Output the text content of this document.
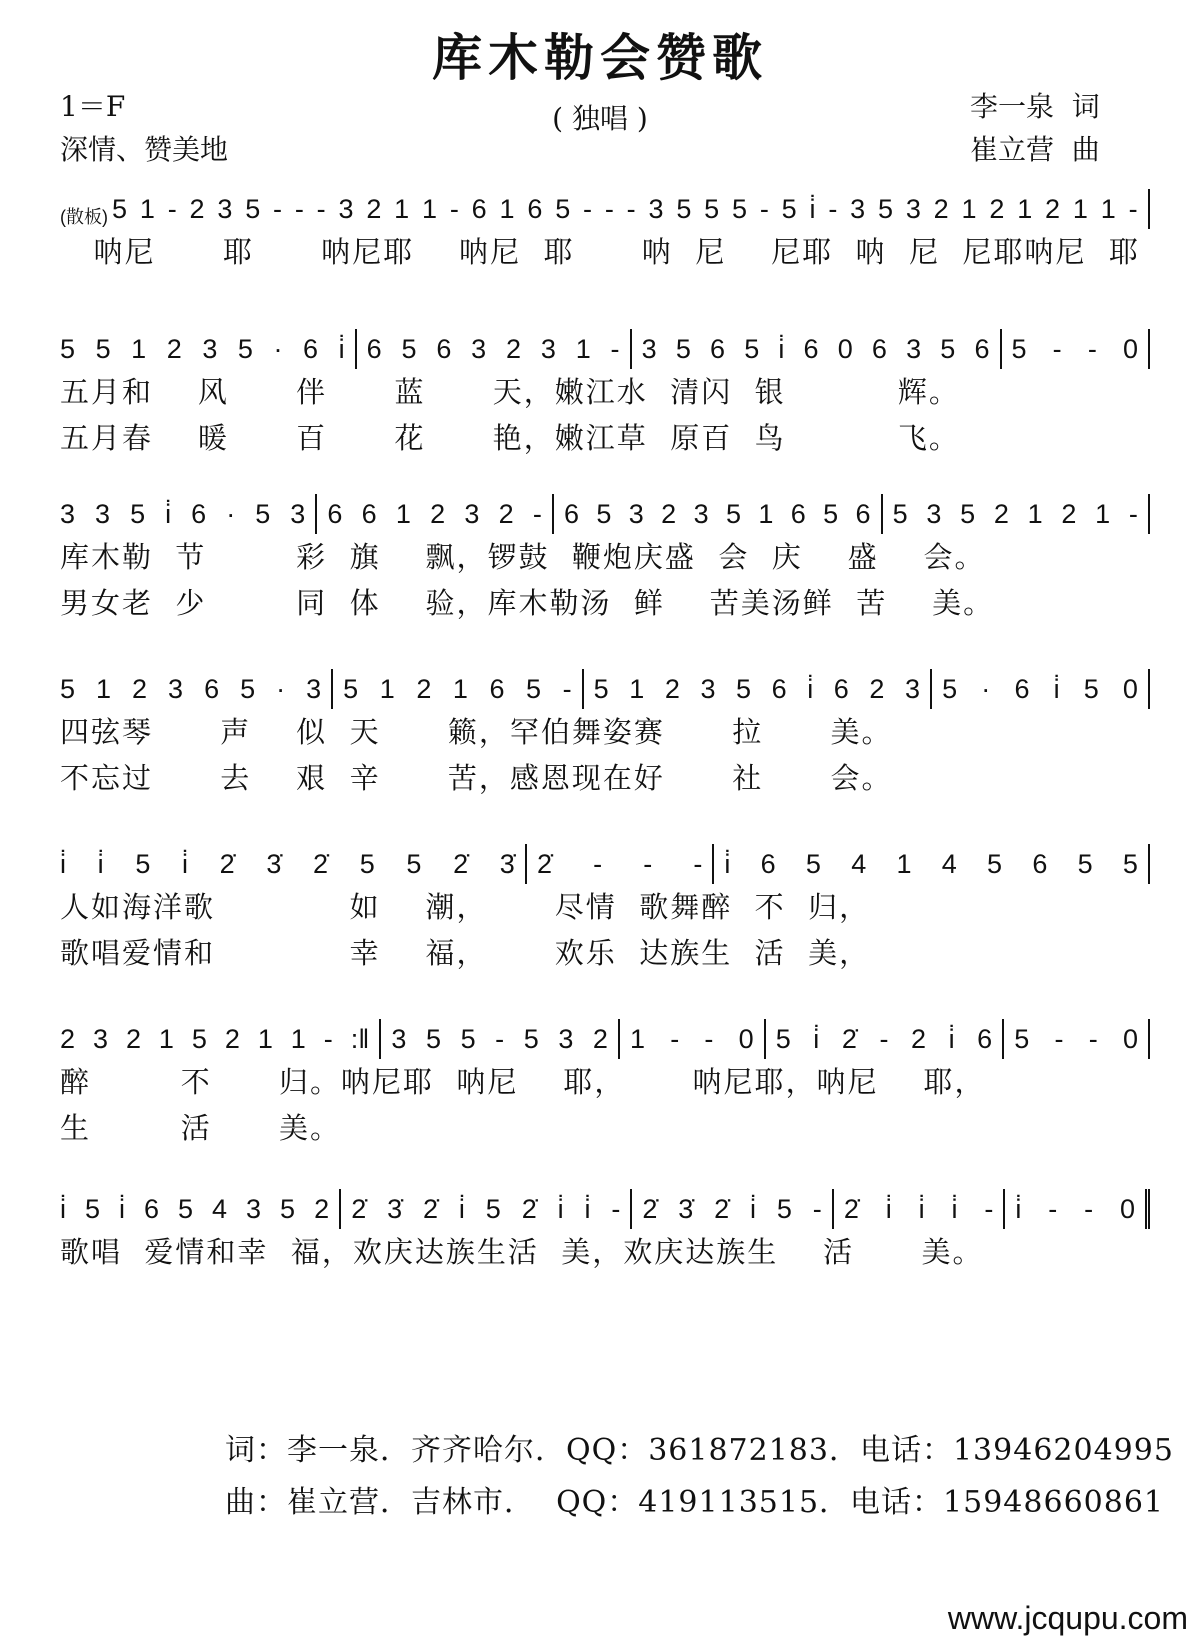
库木勒会赞歌
1＝F
深情、赞美地
( 独唱 )	李一泉  词
崔立营  曲
(散板) 5 1 - 2 3 5 - - - 3 2 1 1 - 6 1 6 5 - - - 3 5 5 5 - 5 i̇ - 3 5 3 2 1 2 1 2 1 1 -
呐尼      耶      呐尼耶    呐尼  耶      呐  尼    尼耶  呐  尼  尼耶呐尼  耶
5 5 1 2 3 5 · 6 i̇ 6 5 6 3 2 3 1 - 3 5 6 5 i̇ 6 0 6 3 5 6 5 - - 0
五月和    风      伴      蓝      天，嫩江水  清闪  银          辉。
五月春    暖      百      花      艳，嫩江草  原百  鸟          飞。
3 3 5 i̇ 6 · 5 3 6 6 1 2 3 2 - 6 5 3 2 3 5 1 6 5 6 5 3 5 2 1 2 1 -
库木勒  节        彩  旗    飘，锣鼓  鞭炮庆盛  会  庆    盛    会。
男女老  少        同  体    验，库木勒汤  鲜    苦美汤鲜  苦    美。
5 1 2 3 6 5 · 3 5 1 2 1 6 5 - 5 1 2 3 5 6 i̇ 6 2 3 5 · 6 i̇ 5 0
四弦琴      声    似  天      籁，罕伯舞姿赛      拉      美。
不忘过      去    艰  辛      苦，感恩现在好      社      会。
i̇ i̇ 5 i̇ 2̇ 3̇ 2̇ 5 5 2̇ 3̇ 2̇ - - - i̇ 6 5 4 1 4 5 6 5 5
人如海洋歌            如    潮，      尽情  歌舞醉  不  归，
歌唱爱情和            幸    福，      欢乐  达族生  活  美，
2 3 2 1 5 2 1 1 - :‖ 3 5 5 - 5 3 2 1 - - 0 5 i̇ 2̇ - 2 i̇ 6 5 - - 0
醉        不      归。呐尼耶  呐尼    耶，      呐尼耶，呐尼    耶，
生        活      美。
i̇ 5 i̇ 6 5 4 3 5 2 2̇ 3̇ 2̇ i̇ 5 2̇ i̇ i̇ - 2̇ 3̇ 2̇ i̇ 5 - 2̇ i̇ i̇ i̇ - i̇ - - 0
歌唱  爱情和幸  福，欢庆达族生活  美，欢庆达族生    活      美。
词：李一泉．齐齐哈尔．QQ：361872183．电话：13946204995
曲：崔立营．吉林市．  QQ：419113515．电话：15948660861
www.jcqupu.com
